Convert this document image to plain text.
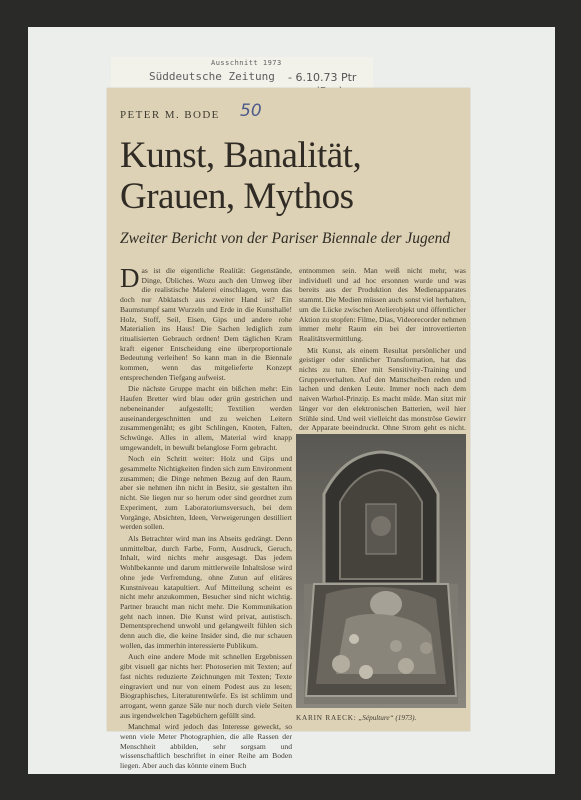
Ausschnitt 1973
Süddeutsche Zeitung - 6.10.73 Ptr
PETER M. BODE 50
Kunst, Banalität,
Grauen, Mythos
Zweiter Bericht von der Pariser Biennale der Jugend

Das ist die eigentliche Realität: Gegenstände, Dinge, Übliches. Wozu auch den Umweg über die realistische Malerei einschlagen, wenn das doch nur Abklatsch aus zweiter Hand ist? Ein Baumstumpf samt Wurzeln und Erde in die Kunsthalle! Holz, Stoff, Seil, Eisen, Gips und andere rohe Materialien ins Haus! Die Sachen lediglich zum ritualisierten Gebrauch ordnen! Dem täglichen Kram kraft eigener Entscheidung eine überproportionale Bedeutung verleihen! So kann man in die Biennale kommen, wenn das mitgelieferte Konzept entsprechenden Tiefgang aufweist.

Die nächste Gruppe macht ein bißchen mehr: Ein Haufen Bretter wird blau oder grün gestrichen und nebeneinander aufgestellt; Textilien werden auseinandergeschnitten und zu weichen Leitern zusammengenäht; es gibt Schlingen, Knoten, Falten, Schwünge. Alles in allem, Material wird knapp umgewandelt, in bewußt belanglose Form gebracht.

Noch ein Schritt weiter: Holz und Gips und gesammelte Nichtigkeiten finden sich zum Environment zusammen; die Dinge nehmen Bezug auf den Raum, aber sie nehmen ihn nicht in Besitz, sie gestalten ihn nicht. Sie liegen nur so herum oder sind geordnet zum Experiment, zum Laboratoriumsversuch, bei dem Vorgänge, Absichten, Ideen, Verweigerungen destilliert werden sollen.

Als Betrachter wird man ins Abseits gedrängt. Denn unmittelbar, durch Farbe, Form, Ausdruck, Geruch, Inhalt, wird nichts mehr ausgesagt. Das jedem Wohlbekannte und darum mittlerweile Inhaltslose wird ohne jede Verfremdung, ohne Zutun auf elitäres Kunstniveau katapultiert. Auf Mitteilung scheint es nicht mehr anzukommen, Besucher sind nicht wichtig. Partner braucht man nicht mehr. Die Kommunikation geht nach innen. Die Kunst wird privat, autistisch. Dementsprechend unwohl und gelangweilt fühlen sich denn auch die, die keine Insider sind, die nur schauen wollen, das immerhin interessierte Publikum.

Auch eine andere Mode mit schnellen Ergebnissen gibt visuell gar nichts her: Photoserien mit Texten; auf fast nichts reduzierte Zeichnungen mit Texten; Texte eingraviert und nur von einem Podest aus zu lesen; Biographisches, Literaturentwürfe. Es ist schlimm und arrogant, wenn ganze Säle nur noch durch viele Seiten aus irgendwelchen Tagebüchern gefüllt sind.

Manchmal wird jedoch das Interesse geweckt, so wenn viele Meter Photographien, die alle Rassen der Menschheit abbilden, sehr sorgsam und wissenschaftlich beschriftet in einer Reihe am Boden liegen. Aber auch das könnte einem Buch

entnommen sein. Man weiß nicht mehr, was individuell und ad hoc ersonnen wurde und was bereits aus der Produktion des Medienapparates stammt. Die Medien müssen auch sonst viel herhalten, um die Lücke zwischen Atelierobjekt und öffentlicher Aktion zu stopfen: Filme, Dias, Videorecorder nehmen immer mehr Raum ein bei der introvertierten Realitätsvermittlung.

Mit Kunst, als einem Resultat persönlicher und geistiger oder sinnlicher Transformation, hat das nichts zu tun. Eher mit Sensitivity-Training und Gruppenverhalten. Auf den Mattscheiben reden und lachen und denken Leute. Immer noch nach dem naiven Warhol-Prinzip. Es macht müde. Man sitzt mir länger vor den elektronischen Batterien, weil hier Stühle sind. Und weil vielleicht das monströse Gewirr der Apparate beeindruckt. Ohne Strom geht es nicht.

KARIN RAECK: „Sépulture“ (1973).
